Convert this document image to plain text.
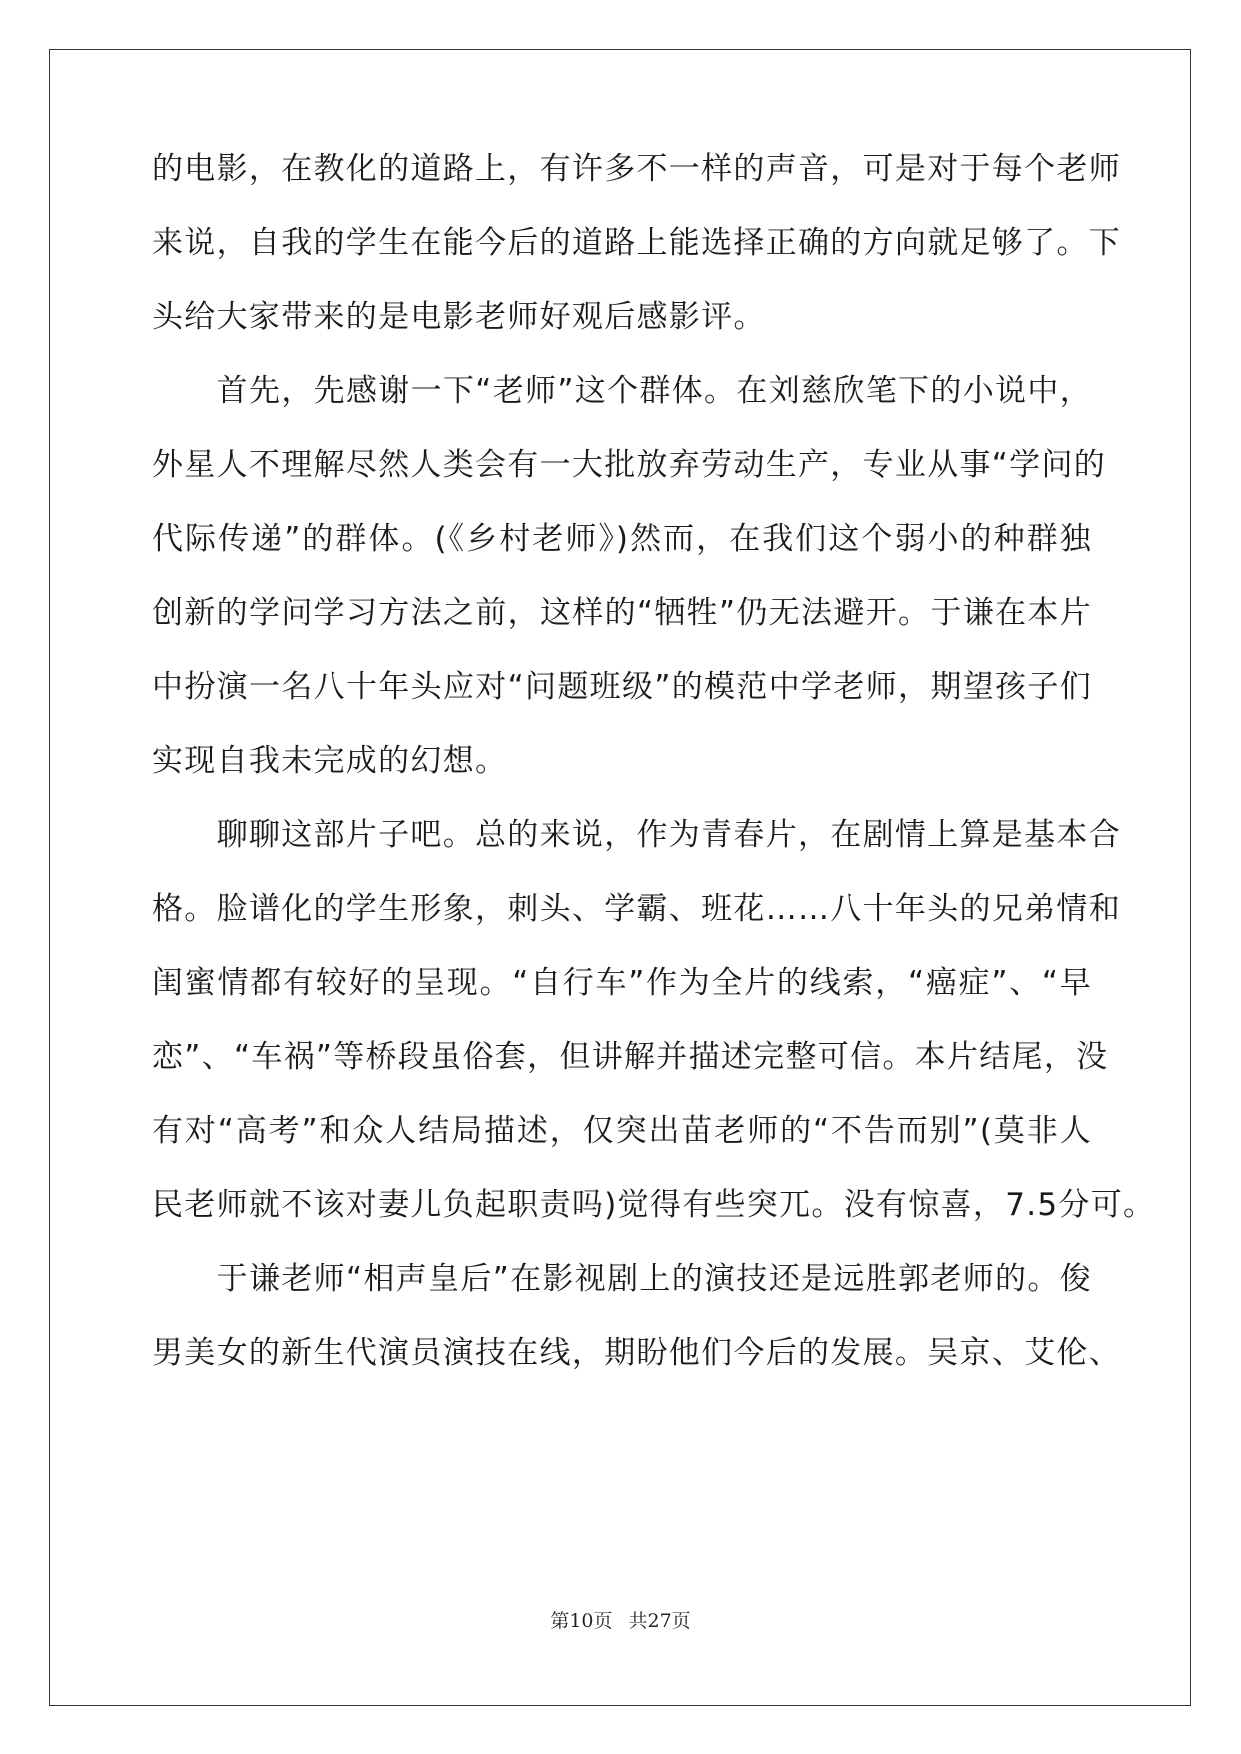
的电影，在教化的道路上，有许多不一样的声音，可是对于每个老师
来说，自我的学生在能今后的道路上能选择正确的方向就足够了。下
头给大家带来的是电影老师好观后感影评。
　　首先，先感谢一下“老师”这个群体。在刘慈欣笔下的小说中，
外星人不理解尽然人类会有一大批放弃劳动生产，专业从事“学问的
代际传递”的群体。(《乡村老师》)然而，在我们这个弱小的种群独
创新的学问学习方法之前，这样的“牺牲”仍无法避开。于谦在本片
中扮演一名八十年头应对“问题班级”的模范中学老师，期望孩子们
实现自我未完成的幻想。
　　聊聊这部片子吧。总的来说，作为青春片，在剧情上算是基本合
格。脸谱化的学生形象，刺头、学霸、班花……八十年头的兄弟情和
闺蜜情都有较好的呈现。“自行车”作为全片的线索，“癌症”、“早
恋”、“车祸”等桥段虽俗套，但讲解并描述完整可信。本片结尾，没
有对“高考”和众人结局描述，仅突出苗老师的“不告而别”(莫非人
民老师就不该对妻儿负起职责吗)觉得有些突兀。没有惊喜，7.5分可。
　　于谦老师“相声皇后”在影视剧上的演技还是远胜郭老师的。俊
男美女的新生代演员演技在线，期盼他们今后的发展。吴京、艾伦、
第10页 共27页
